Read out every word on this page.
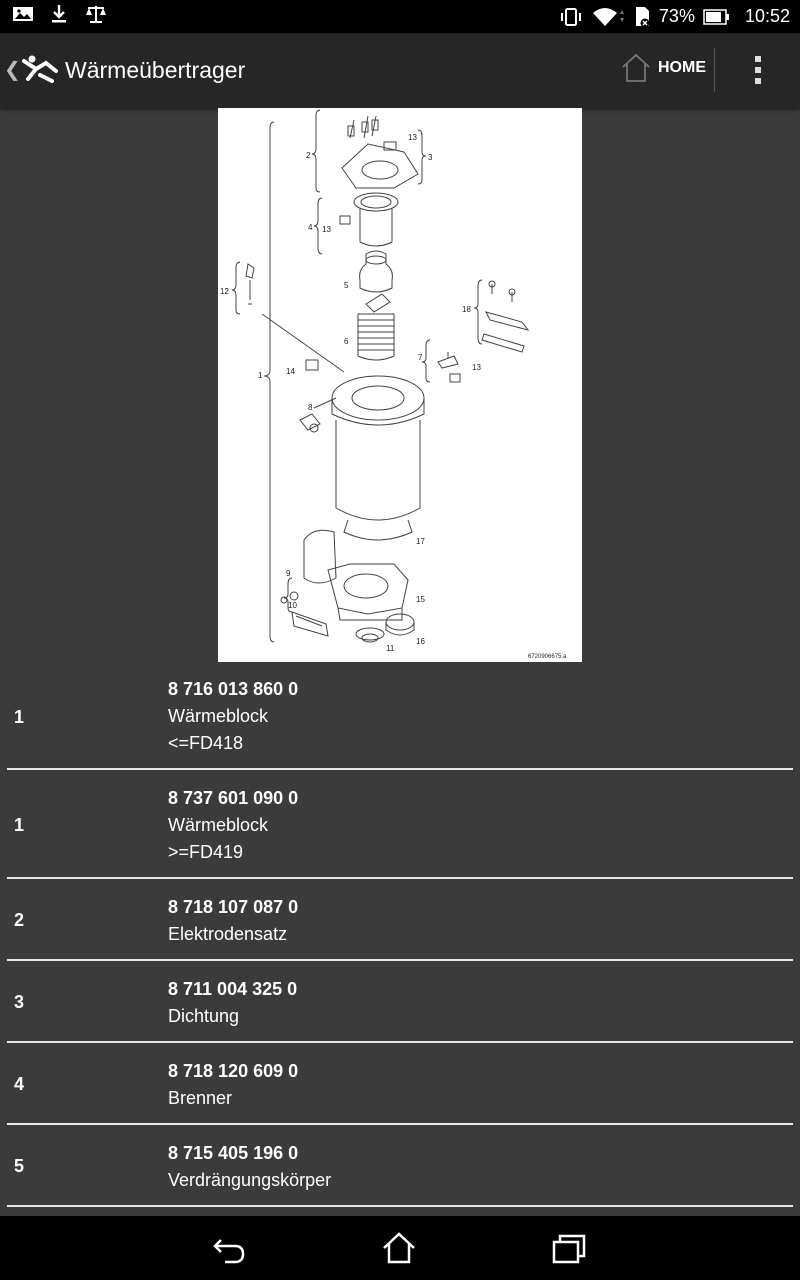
73%	10:52
❮ Wärmeübertrager	HOME
2	3
13
4 13
5
6
12
1	14
8
18
7
13
17
9
10
15
16
11
6720906675.a
1
8 716 013 860 0
Wärmeblock
<=FD418
1
8 737 601 090 0
Wärmeblock
>=FD419
2
8 718 107 087 0
Elektrodensatz
3
8 711 004 325 0
Dichtung
4
8 718 120 609 0
Brenner
5
8 715 405 196 0
Verdrängungskörper
